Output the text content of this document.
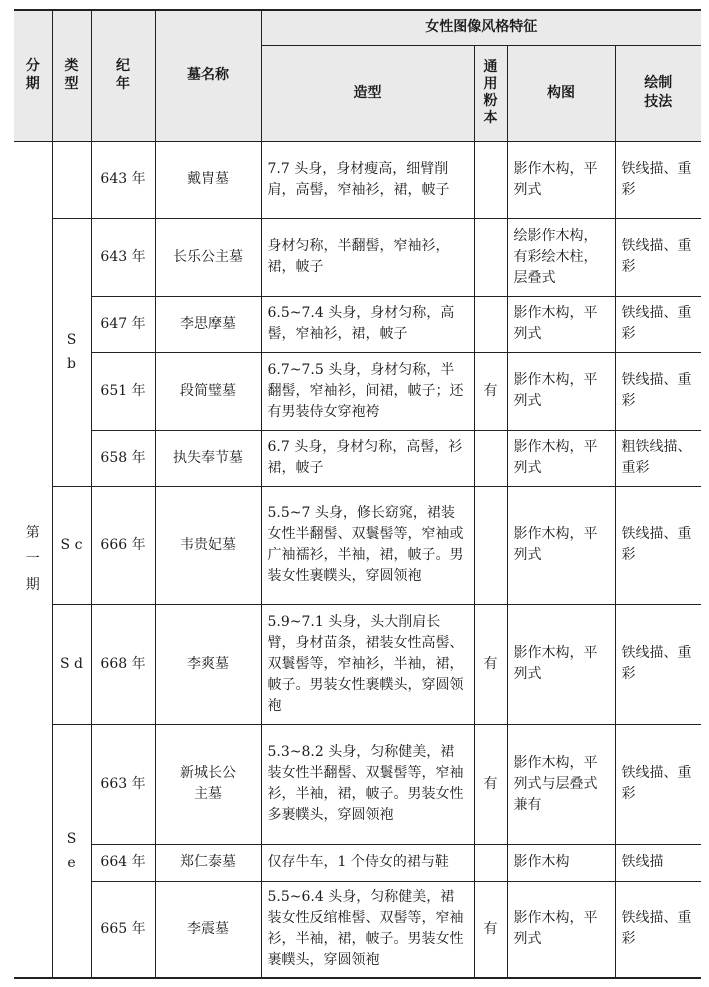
分期	类型	纪年	墓名称	女性图像风格特征			
				造型	通用粉本	构图	绘制技法

第一期		643 年	戴胄墓	7.7 头身，身材瘦高，细臂削肩，高髻，窄袖衫，裙，帔子		影作木构，平列式	铁线描、重彩

	Sb	643 年	长乐公主墓	身材匀称，半翻髻，窄袖衫，裙，帔子		绘影作木构，有彩绘木柱，层叠式	铁线描、重彩
		647 年	李思摩墓	6.5~7.4 头身，身材匀称，高髻，窄袖衫，裙，帔子		影作木构，平列式	铁线描、重彩
		651 年	段简璧墓	6.7~7.5 头身，身材匀称，半翻髻，窄袖衫，间裙，帔子；还有男装侍女穿袍袴	有	影作木构，平列式	铁线描、重彩
		658 年	执失奉节墓	6.7 头身，身材匀称，高髻，衫裙，帔子		影作木构，平列式	粗铁线描、重彩
	S c	666 年	韦贵妃墓	5.5~7 头身，修长窈窕，裙装女性半翻髻、双鬟髻等，窄袖或广袖襦衫，半袖，裙，帔子。男装女性裹幞头，穿圆领袍		影作木构，平列式	铁线描、重彩
	S d	668 年	李爽墓	5.9~7.1 头身，头大削肩长臂，身材苗条，裙装女性高髻、双鬟髻等，窄袖衫，半袖，裙，帔子。男装女性裹幞头，穿圆领袍	有	影作木构，平列式	铁线描、重彩

	Se	663 年	新城长公主墓	5.3~8.2 头身，匀称健美，裙装女性半翻髻、双鬟髻等，窄袖衫，半袖，裙，帔子。男装女性多裹幞头，穿圆领袍	有	影作木构，平列式与层叠式兼有	铁线描、重彩
		664 年	郑仁泰墓	仅存牛车，1 个侍女的裙与鞋		影作木构	铁线描
		665 年	李震墓	5.5~6.4 头身，匀称健美，裙装女性反绾椎髻、双髻等，窄袖衫，半袖，裙，帔子。男装女性裹幞头，穿圆领袍	有	影作木构，平列式	铁线描、重彩
